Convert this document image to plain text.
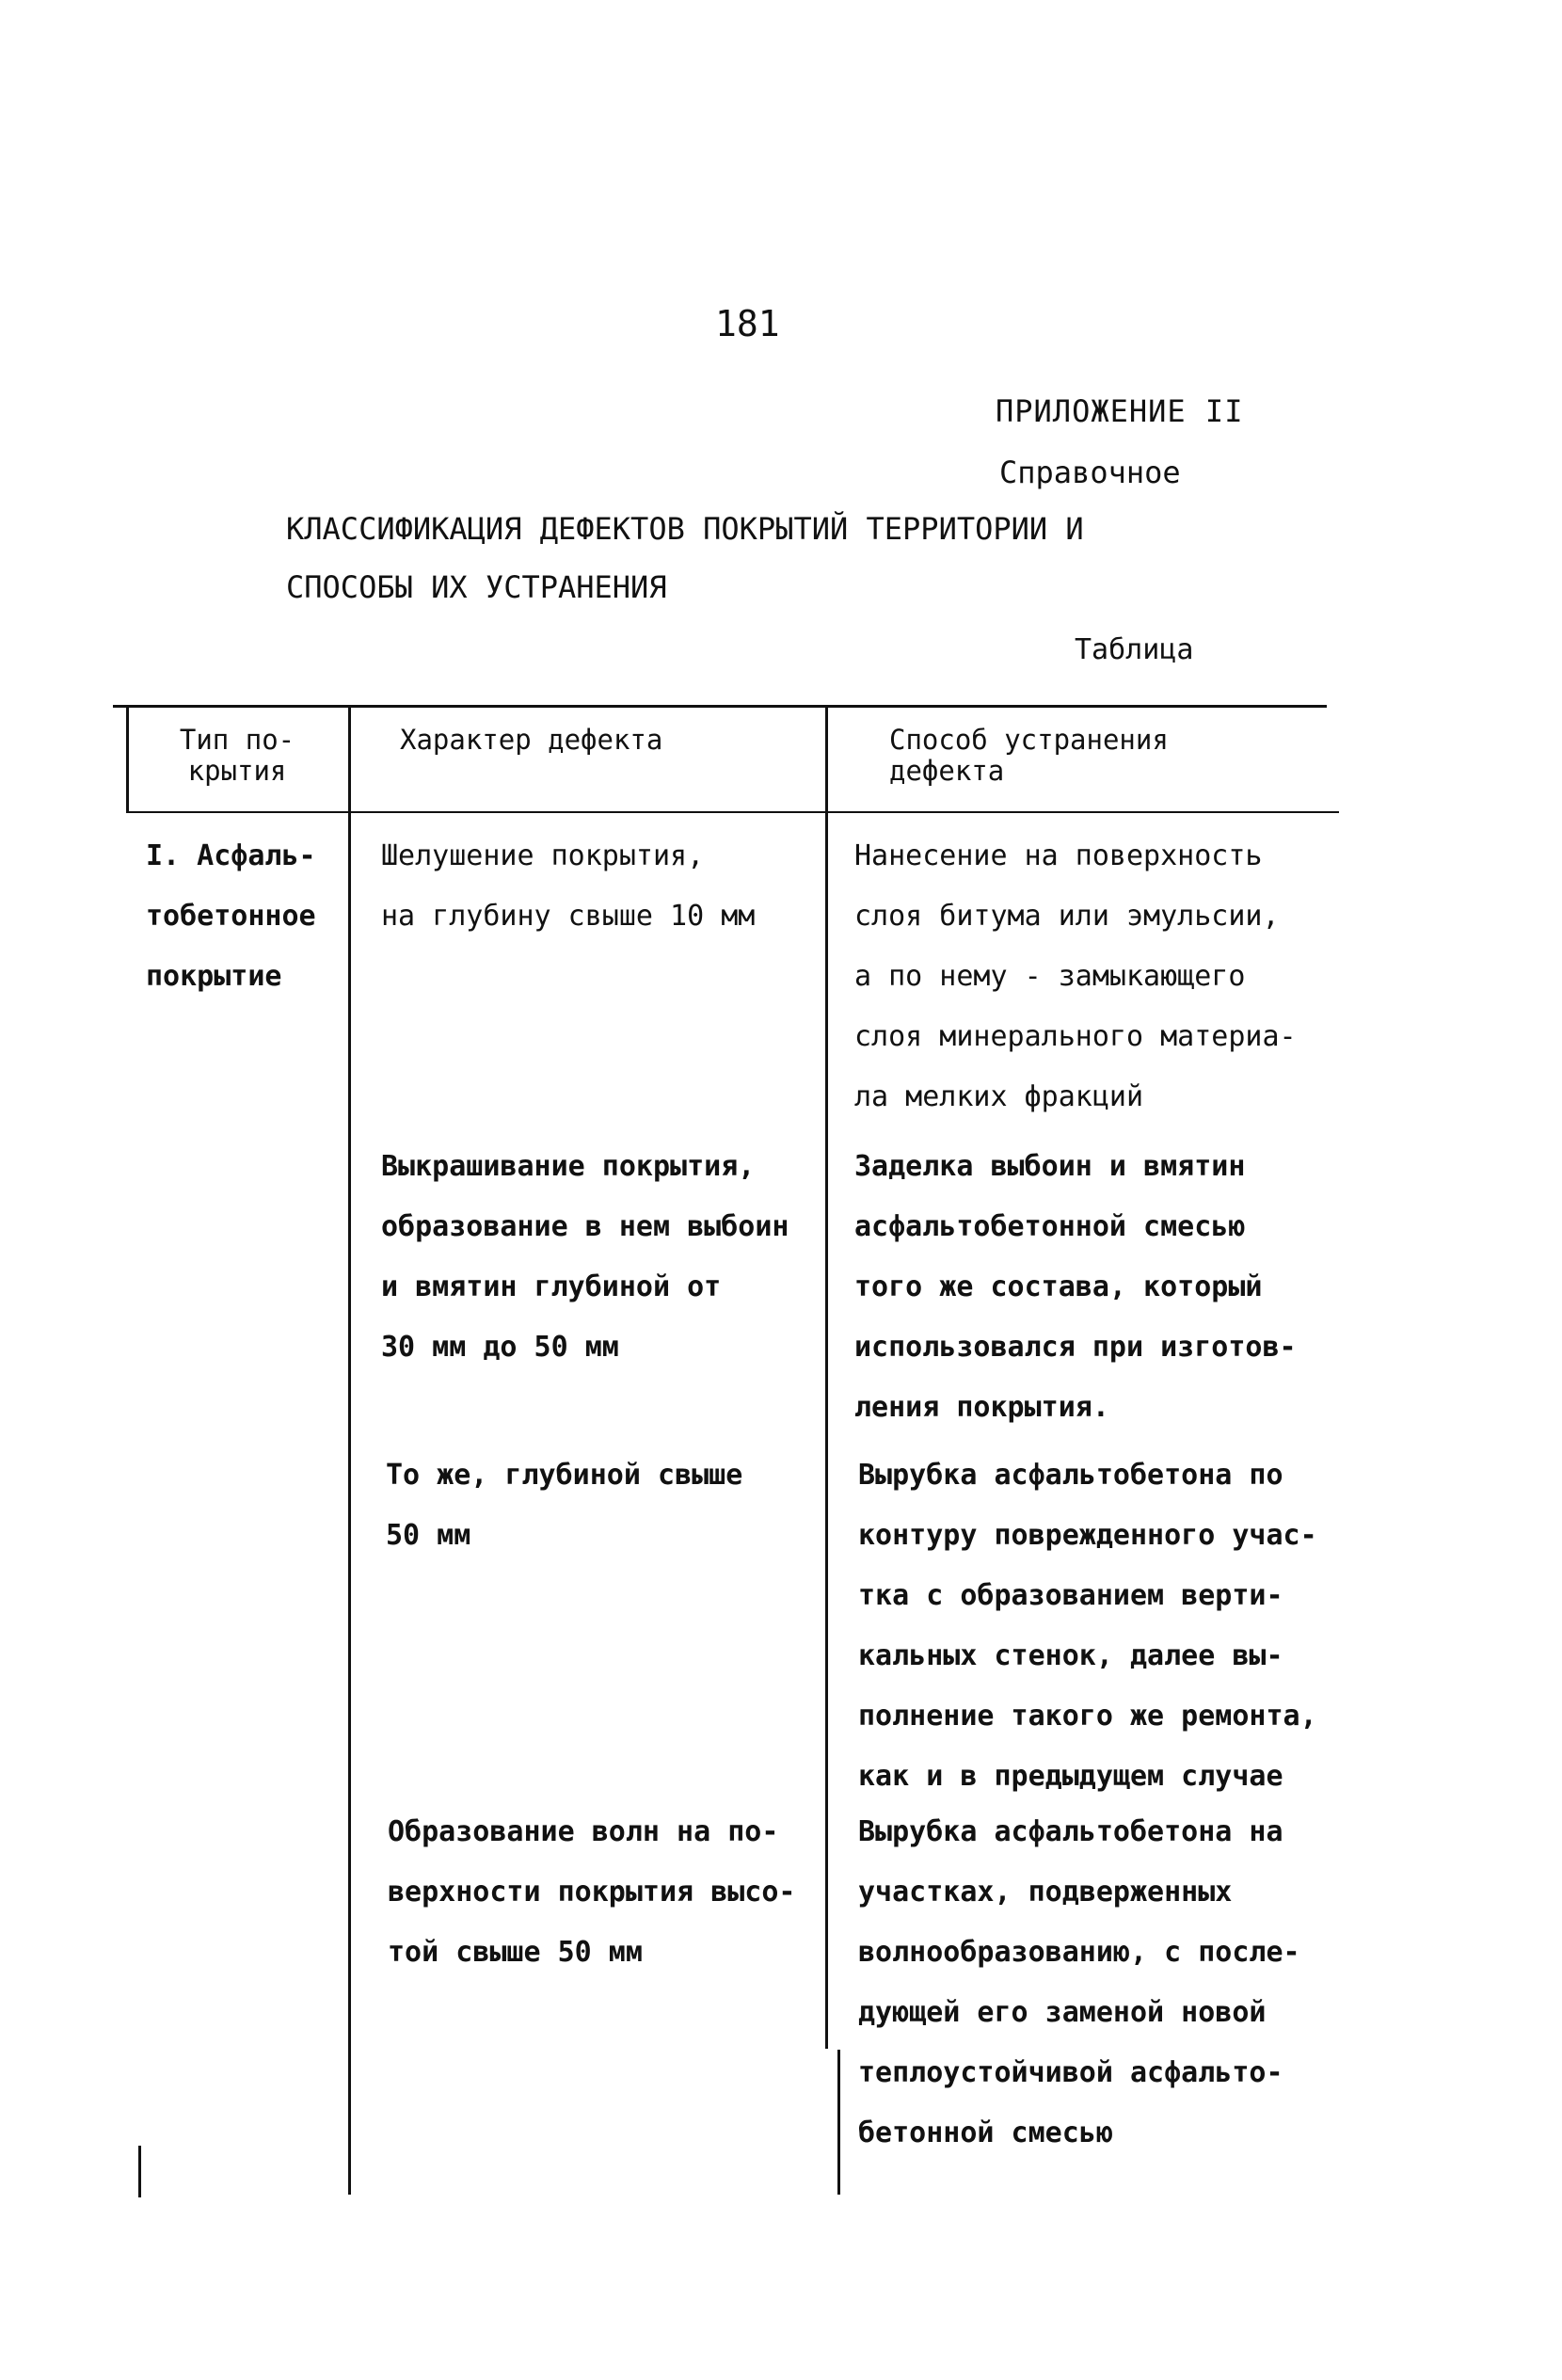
181
ПРИЛОЖЕНИЕ II
Справочное
КЛАССИФИКАЦИЯ ДЕФЕКТОВ ПОКРЫТИЙ ТЕРРИТОРИИ И
СПОСОБЫ ИХ УСТРАНЕНИЯ
Таблица
Тип по-
крытия
Характер дефекта	Способ устранения
дефекта
I. Асфаль-
тобетонное
покрытие
Шелушение покрытия,
на глубину свыше 10 мм
Нанесение на поверхность
слоя битума или эмульсии,
а по нему - замыкающего
слоя минерального материа-
ла мелких фракций
Выкрашивание покрытия,
образование в нем выбоин
и вмятин глубиной от
30 мм до 50 мм
Заделка выбоин и вмятин
асфальтобетонной смесью
того же состава, который
использовался при изготов-
ления покрытия.
То же, глубиной свыше
50 мм
Вырубка асфальтобетона по
контуру поврежденного учас-
тка с образованием верти-
кальных стенок, далее вы-
полнение такого же ремонта,
как и в предыдущем случае
Образование волн на по-
верхности покрытия высо-
той свыше 50 мм
Вырубка асфальтобетона на
участках, подверженных
волнообразованию, с после-
дующей его заменой новой
теплоустойчивой асфальто-
бетонной смесью
